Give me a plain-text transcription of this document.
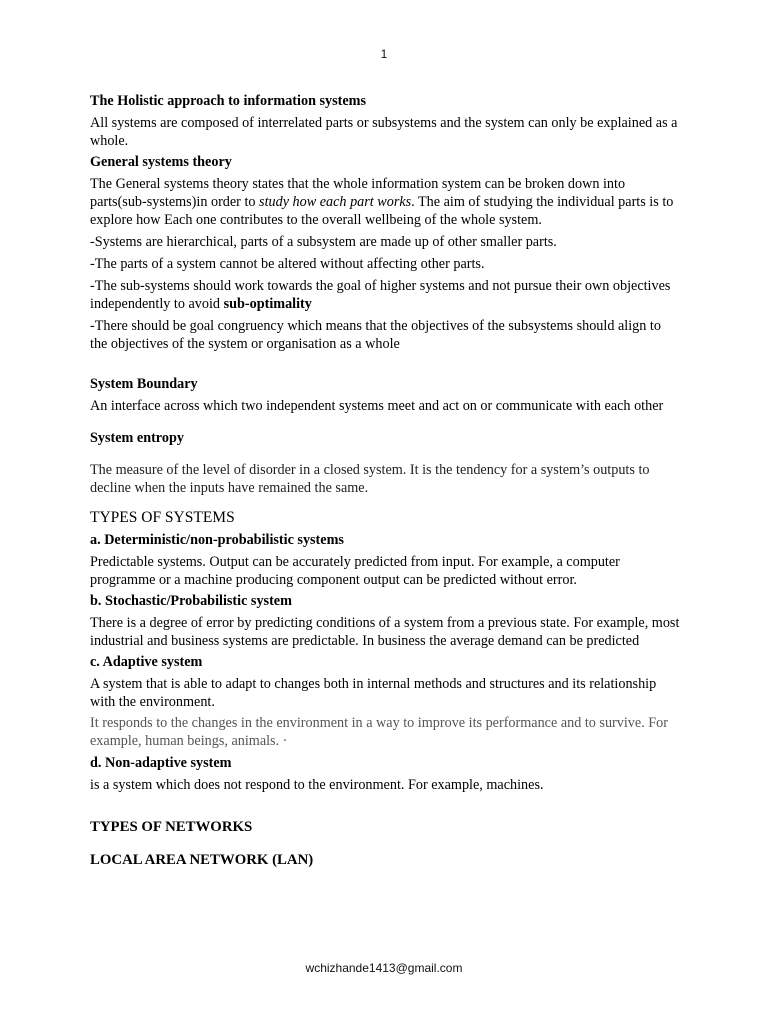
1

The Holistic approach to information systems

All systems are composed of interrelated parts or subsystems and the system can only be explained as a whole.

General systems theory

The General systems theory states that the whole information system can be broken down into parts(sub-systems)in order to study how each part works. The aim of studying the individual parts is to explore how Each one contributes to the overall wellbeing of the whole system.

-Systems are hierarchical, parts of a subsystem are made up of other smaller parts.

-The parts of a system cannot be altered without affecting other parts.

-The sub-systems should work towards the goal of higher systems and not pursue their own objectives independently to avoid sub-optimality

-There should be goal congruency which means that the objectives of the subsystems should align to the objectives of the system or organisation as a whole

System Boundary

An interface across which two independent systems meet and act on or communicate with each other

System entropy

The measure of the level of disorder in a closed system. It is the tendency for a system’s outputs to decline when the inputs have remained the same.

TYPES OF SYSTEMS

a. Deterministic/non-probabilistic systems

Predictable systems. Output can be accurately predicted from input. For example, a computer programme or a machine producing component output can be predicted without error.

b. Stochastic/Probabilistic system

There is a degree of error by predicting conditions of a system from a previous state. For example, most industrial and business systems are predictable. In business the average demand can be predicted

c. Adaptive system

A system that is able to adapt to changes both in internal methods and structures and its relationship with the environment.

It responds to the changes in the environment in a way to improve its performance and to survive. For example, human beings, animals. ·

d. Non-adaptive system

is a system which does not respond to the environment. For example, machines.

TYPES OF NETWORKS

LOCAL AREA NETWORK (LAN)

wchizhande1413@gmail.com
